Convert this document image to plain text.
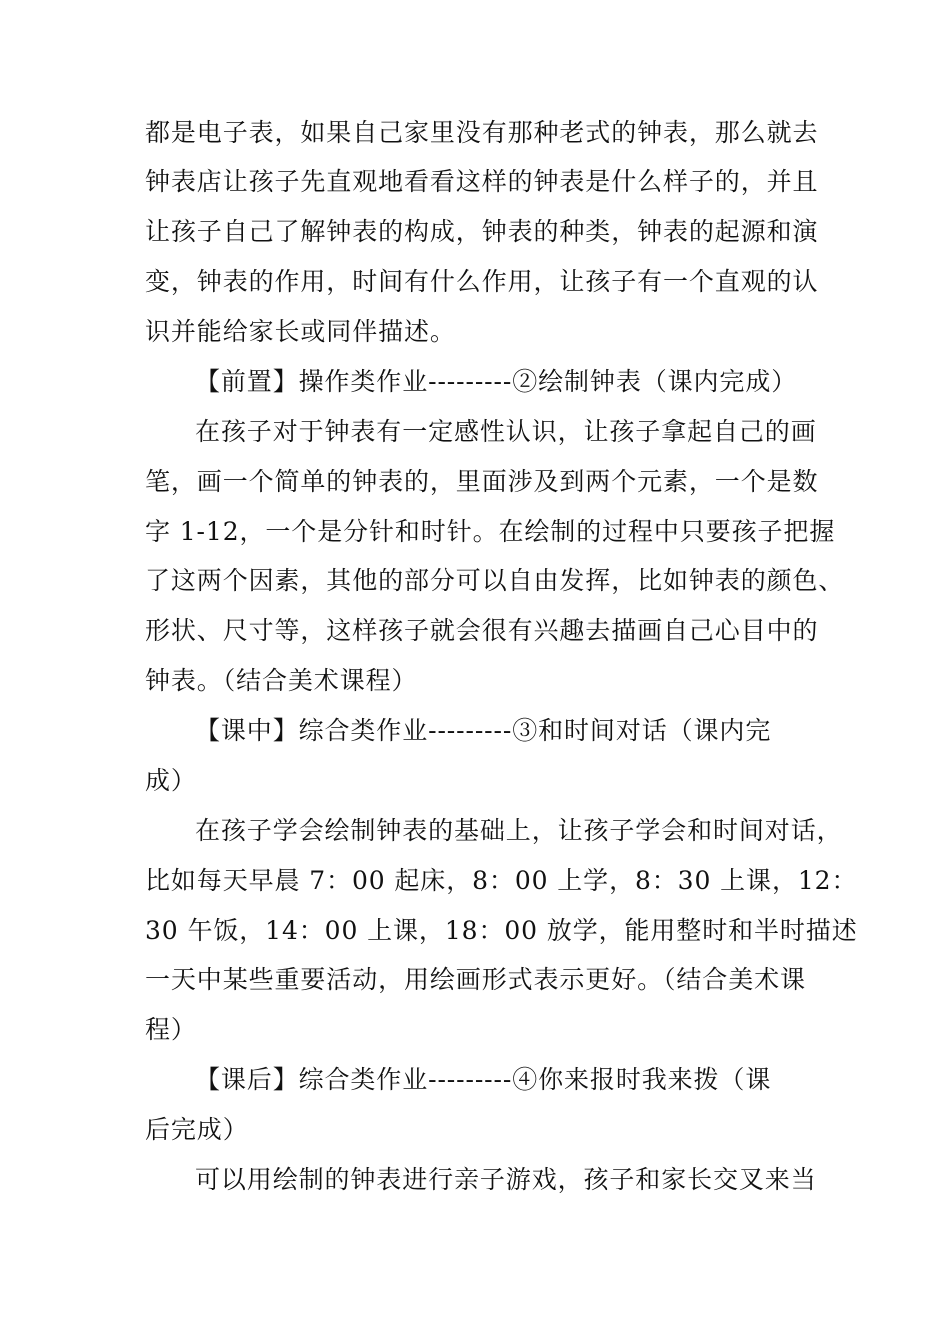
都是电子表，如果自己家里没有那种老式的钟表，那么就去
钟表店让孩子先直观地看看这样的钟表是什么样子的，并且
让孩子自己了解钟表的构成，钟表的种类，钟表的起源和演
变，钟表的作用，时间有什么作用，让孩子有一个直观的认
识并能给家长或同伴描述。
【前置】操作类作业---------②绘制钟表（课内完成）
在孩子对于钟表有一定感性认识，让孩子拿起自己的画
笔，画一个简单的钟表的，里面涉及到两个元素，一个是数
字 1-12，一个是分针和时针。在绘制的过程中只要孩子把握
了这两个因素，其他的部分可以自由发挥，比如钟表的颜色、
形状、尺寸等，这样孩子就会很有兴趣去描画自己心目中的
钟表。（结合美术课程）
【课中】综合类作业---------③和时间对话（课内完
成）
在孩子学会绘制钟表的基础上，让孩子学会和时间对话，
比如每天早晨 7：00 起床，8：00 上学，8：30 上课，12：
30 午饭，14：00 上课，18：00 放学，能用整时和半时描述
一天中某些重要活动，用绘画形式表示更好。（结合美术课
程）
【课后】综合类作业---------④你来报时我来拨（课
后完成）
可以用绘制的钟表进行亲子游戏，孩子和家长交叉来当
